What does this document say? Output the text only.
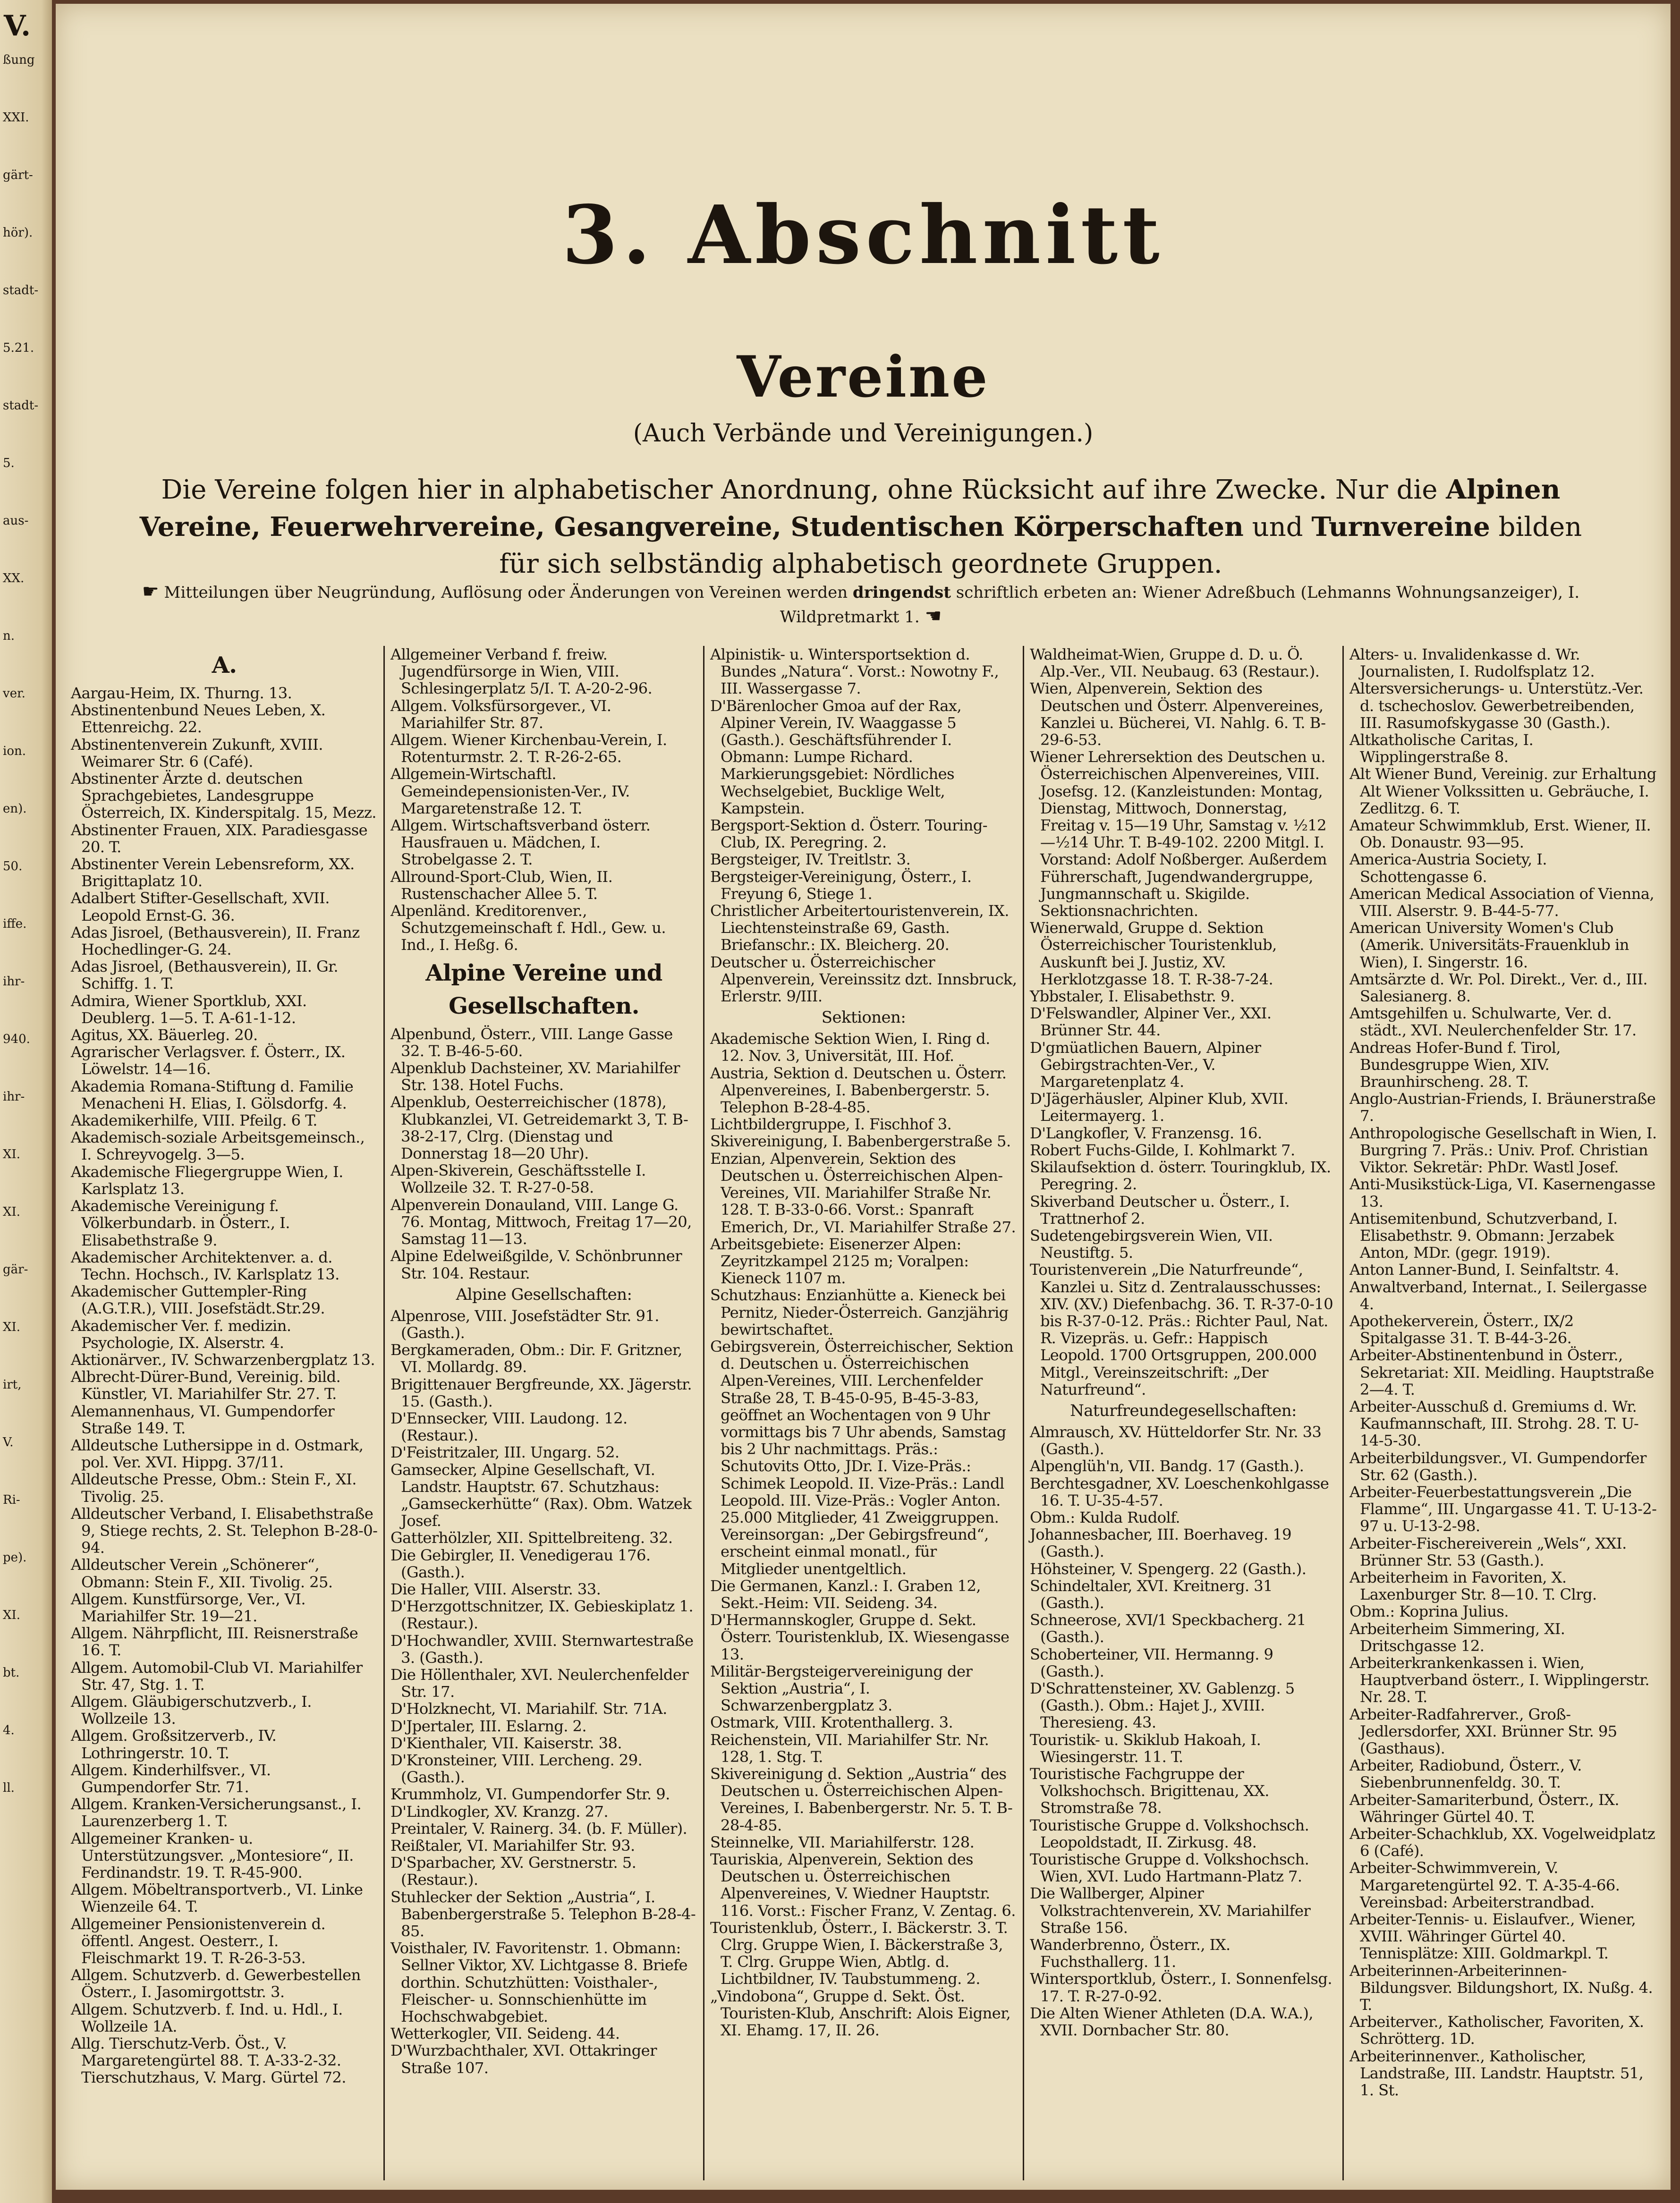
V.
ßung
XXI.
gärt-
hör).
stadt-
5.21.
stadt-
5.
aus-
XX.
n.
ver.
ion.
en).
50.
iffe.
ihr-
940.
ihr-
XI.
XI.
gär-
XI.
irt,
V.
Ri-
pe).
XI.
bt.
4.
ll.
3. Abschnitt
Vereine
(Auch Verbände und Vereinigungen.)
Die Vereine folgen hier in alphabetischer Anordnung, ohne Rücksicht auf ihre Zwecke. Nur die Alpinen Vereine, Feuerwehrvereine, Gesangvereine, Studentischen Körperschaften und Turnvereine bilden für sich selbständig alphabetisch geordnete Gruppen.
☛ Mitteilungen über Neugründung, Auflösung oder Änderungen von Vereinen werden dringendst schriftlich erbeten an: Wiener Adreßbuch (Lehmanns Wohnungsanzeiger), I. Wildpretmarkt 1. ☚

A.

Aargau-Heim, IX. Thurng. 13.

Abstinentenbund Neues Leben, X. Ettenreichg. 22.

Abstinentenverein Zukunft, XVIII. Weimarer Str. 6 (Café).

Abstinenter Ärzte d. deutschen Sprachgebietes, Landesgruppe Österreich, IX. Kinderspitalg. 15, Mezz.

Abstinenter Frauen, XIX. Paradiesgasse 20. T.

Abstinenter Verein Lebensreform, XX. Brigittaplatz 10.

Adalbert Stifter-Gesellschaft, XVII. Leopold Ernst-G. 36.

Adas Jisroel, (Bethausverein), II. Franz Hochedlinger-G. 24.

Adas Jisroel, (Bethausverein), II. Gr. Schiffg. 1. T.

Admira, Wiener Sportklub, XXI. Deublerg. 1—5. T. A-61-1-12.

Agitus, XX. Bäuerleg. 20.

Agrarischer Verlagsver. f. Österr., IX. Löwelstr. 14—16.

Akademia Romana-Stiftung d. Familie Menacheni H. Elias, I. Gölsdorfg. 4.

Akademikerhilfe, VIII. Pfeilg. 6 T.

Akademisch-soziale Arbeitsgemeinsch., I. Schreyvogelg. 3—5.

Akademische Fliegergruppe Wien, I. Karlsplatz 13.

Akademische Vereinigung f. Völkerbundarb. in Österr., I. Elisabethstraße 9.

Akademischer Architektenver. a. d. Techn. Hochsch., IV. Karlsplatz 13.

Akademischer Guttempler-Ring (A.G.T.R.), VIII. Josefstädt.Str.29.

Akademischer Ver. f. medizin. Psychologie, IX. Alserstr. 4.

Aktionärver., IV. Schwarzenbergplatz 13.

Albrecht-Dürer-Bund, Vereinig. bild. Künstler, VI. Mariahilfer Str. 27. T.

Alemannenhaus, VI. Gumpendorfer Straße 149. T.

Alldeutsche Luthersippe in d. Ostmark, pol. Ver. XVI. Hippg. 37/11.

Alldeutsche Presse, Obm.: Stein F., XI. Tivolig. 25.

Alldeutscher Verband, I. Elisabethstraße 9, Stiege rechts, 2. St. Telephon B-28-0-94.

Alldeutscher Verein „Schönerer“, Obmann: Stein F., XII. Tivolig. 25.

Allgem. Kunstfürsorge, Ver., VI. Mariahilfer Str. 19—21.

Allgem. Nährpflicht, III. Reisnerstraße 16. T.

Allgem. Automobil-Club VI. Mariahilfer Str. 47, Stg. 1. T.

Allgem. Gläubigerschutzverb., I. Wollzeile 13.

Allgem. Großsitzerverb., IV. Lothringerstr. 10. T.

Allgem. Kinderhilfsver., VI. Gumpendorfer Str. 71.

Allgem. Kranken-Versicherungsanst., I. Laurenzerberg 1. T.

Allgemeiner Kranken- u. Unterstützungsver. „Montesiore“, II. Ferdinandstr. 19. T. R-45-900.

Allgem. Möbeltransportverb., VI. Linke Wienzeile 64. T.

Allgemeiner Pensionistenverein d. öffentl. Angest. Oesterr., I. Fleischmarkt 19. T. R-26-3-53.

Allgem. Schutzverb. d. Gewerbestellen Österr., I. Jasomirgottstr. 3.

Allgem. Schutzverb. f. Ind. u. Hdl., I. Wollzeile 1A.

Allg. Tierschutz-Verb. Öst., V. Margaretengürtel 88. T. A-33-2-32. Tierschutzhaus, V. Marg. Gürtel 72.

Allgemeiner Verband f. freiw. Jugendfürsorge in Wien, VIII. Schlesingerplatz 5/I. T. A-20-2-96.

Allgem. Volksfürsorgever., VI. Mariahilfer Str. 87.

Allgem. Wiener Kirchenbau-Verein, I. Rotenturmstr. 2. T. R-26-2-65.

Allgemein-Wirtschaftl. Gemeindepensionisten-Ver., IV. Margaretenstraße 12. T.

Allgem. Wirtschaftsverband österr. Hausfrauen u. Mädchen, I. Strobelgasse 2. T.

Allround-Sport-Club, Wien, II. Rustenschacher Allee 5. T.

Alpenländ. Kreditorenver., Schutzgemeinschaft f. Hdl., Gew. u. Ind., I. Heßg. 6.

Alpine Vereine und Gesellschaften.

Alpenbund, Österr., VIII. Lange Gasse 32. T. B-46-5-60.

Alpenklub Dachsteiner, XV. Mariahilfer Str. 138. Hotel Fuchs.

Alpenklub, Oesterreichischer (1878), Klubkanzlei, VI. Getreidemarkt 3, T. B-38-2-17, Clrg. (Dienstag und Donnerstag 18—20 Uhr).

Alpen-Skiverein, Geschäftsstelle I. Wollzeile 32. T. R-27-0-58.

Alpenverein Donauland, VIII. Lange G. 76. Montag, Mittwoch, Freitag 17—20, Samstag 11—13.

Alpine Edelweißgilde, V. Schönbrunner Str. 104. Restaur.

Alpine Gesellschaften:

Alpenrose, VIII. Josefstädter Str. 91. (Gasth.).

Bergkameraden, Obm.: Dir. F. Gritzner, VI. Mollardg. 89.

Brigittenauer Bergfreunde, XX. Jägerstr. 15. (Gasth.).

D'Ennsecker, VIII. Laudong. 12. (Restaur.).

D'Feistritzaler, III. Ungarg. 52.

Gamsecker, Alpine Gesellschaft, VI. Landstr. Hauptstr. 67. Schutzhaus: „Gamseckerhütte“ (Rax). Obm. Watzek Josef.

Gatterhölzler, XII. Spittelbreiteng. 32.

Die Gebirgler, II. Venedigerau 176. (Gasth.).

Die Haller, VIII. Alserstr. 33.

D'Herzgottschnitzer, IX. Gebieskiplatz 1. (Restaur.).

D'Hochwandler, XVIII. Sternwartestraße 3. (Gasth.).

Die Höllenthaler, XVI. Neulerchenfelder Str. 17.

D'Holzknecht, VI. Mariahilf. Str. 71A.

D'Jpertaler, III. Eslarng. 2.

D'Kienthaler, VII. Kaiserstr. 38.

D'Kronsteiner, VIII. Lercheng. 29. (Gasth.).

Krummholz, VI. Gumpendorfer Str. 9.

D'Lindkogler, XV. Kranzg. 27.

Preintaler, V. Rainerg. 34. (b. F. Müller).

Reißtaler, VI. Mariahilfer Str. 93.

D'Sparbacher, XV. Gerstnerstr. 5. (Restaur.).

Stuhlecker der Sektion „Austria“, I. Babenbergerstraße 5. Telephon B-28-4-85.

Voisthaler, IV. Favoritenstr. 1. Obmann: Sellner Viktor, XV. Lichtgasse 8. Briefe dorthin. Schutzhütten: Voisthaler-, Fleischer- u. Sonnschienhütte im Hochschwabgebiet.

Wetterkogler, VII. Seideng. 44.

D'Wurzbachthaler, XVI. Ottakringer Straße 107.

Alpinistik- u. Wintersportsektion d. Bundes „Natura“. Vorst.: Nowotny F., III. Wassergasse 7.

D'Bärenlocher Gmoa auf der Rax, Alpiner Verein, IV. Waaggasse 5 (Gasth.). Geschäftsführender I. Obmann: Lumpe Richard. Markierungsgebiet: Nördliches Wechselgebiet, Bucklige Welt, Kampstein.

Bergsport-Sektion d. Österr. Touring-Club, IX. Peregring. 2.

Bergsteiger, IV. Treitlstr. 3.

Bergsteiger-Vereinigung, Österr., I. Freyung 6, Stiege 1.

Christlicher Arbeitertouristenverein, IX. Liechtensteinstraße 69, Gasth. Briefanschr.: IX. Bleicherg. 20.

Deutscher u. Österreichischer Alpenverein, Vereinssitz dzt. Innsbruck, Erlerstr. 9/III.

Sektionen:

Akademische Sektion Wien, I. Ring d. 12. Nov. 3, Universität, III. Hof.

Austria, Sektion d. Deutschen u. Österr. Alpenvereines, I. Babenbergerstr. 5. Telephon B-28-4-85.

Lichtbildergruppe, I. Fischhof 3.

Skivereinigung, I. Babenbergerstraße 5.

Enzian, Alpenverein, Sektion des Deutschen u. Österreichischen Alpen-Vereines, VII. Mariahilfer Straße Nr. 128. T. B-33-0-66. Vorst.: Spanraft Emerich, Dr., VI. Mariahilfer Straße 27.

Arbeitsgebiete: Eisenerzer Alpen: Zeyritzkampel 2125 m; Voralpen: Kieneck 1107 m.

Schutzhaus: Enzianhütte a. Kieneck bei Pernitz, Nieder-Österreich. Ganzjährig bewirtschaftet.

Gebirgsverein, Österreichischer, Sektion d. Deutschen u. Österreichischen Alpen-Vereines, VIII. Lerchenfelder Straße 28, T. B-45-0-95, B-45-3-83, geöffnet an Wochentagen von 9 Uhr vormittags bis 7 Uhr abends, Samstag bis 2 Uhr nachmittags. Präs.: Schutovits Otto, JDr. I. Vize-Präs.: Schimek Leopold. II. Vize-Präs.: Landl Leopold. III. Vize-Präs.: Vogler Anton. 25.000 Mitglieder, 41 Zweiggruppen. Vereinsorgan: „Der Gebirgsfreund“, erscheint einmal monatl., für Mitglieder unentgeltlich.

Die Germanen, Kanzl.: I. Graben 12, Sekt.-Heim: VII. Seideng. 34.

D'Hermannskogler, Gruppe d. Sekt. Österr. Touristenklub, IX. Wiesengasse 13.

Militär-Bergsteigervereinigung der Sektion „Austria“, I. Schwarzenbergplatz 3.

Ostmark, VIII. Krotenthallerg. 3.

Reichenstein, VII. Mariahilfer Str. Nr. 128, 1. Stg. T.

Skivereinigung d. Sektion „Austria“ des Deutschen u. Österreichischen Alpen-Vereines, I. Babenbergerstr. Nr. 5. T. B-28-4-85.

Steinnelke, VII. Mariahilferstr. 128.

Tauriskia, Alpenverein, Sektion des Deutschen u. Österreichischen Alpenvereines, V. Wiedner Hauptstr. 116. Vorst.: Fischer Franz, V. Zentag. 6.

Touristenklub, Österr., I. Bäckerstr. 3. T. Clrg. Gruppe Wien, I. Bäckerstraße 3, T. Clrg. Gruppe Wien, Abtlg. d. Lichtbildner, IV. Taubstummeng. 2.

„Vindobona“, Gruppe d. Sekt. Öst. Touristen-Klub, Anschrift: Alois Eigner, XI. Ehamg. 17, II. 26.

Waldheimat-Wien, Gruppe d. D. u. Ö. Alp.-Ver., VII. Neubaug. 63 (Restaur.).

Wien, Alpenverein, Sektion des Deutschen und Österr. Alpenvereines, Kanzlei u. Bücherei, VI. Nahlg. 6. T. B-29-6-53.

Wiener Lehrersektion des Deutschen u. Österreichischen Alpenvereines, VIII. Josefsg. 12. (Kanzleistunden: Montag, Dienstag, Mittwoch, Donnerstag, Freitag v. 15—19 Uhr, Samstag v. ½12—½14 Uhr. T. B-49-102. 2200 Mitgl. I. Vorstand: Adolf Noßberger. Außerdem Führerschaft, Jugendwandergruppe, Jungmannschaft u. Skigilde. Sektionsnachrichten.

Wienerwald, Gruppe d. Sektion Österreichischer Touristenklub, Auskunft bei J. Justiz, XV. Herklotzgasse 18. T. R-38-7-24.

Ybbstaler, I. Elisabethstr. 9.

D'Felswandler, Alpiner Ver., XXI. Brünner Str. 44.

D'gmüatlichen Bauern, Alpiner Gebirgstrachten-Ver., V. Margaretenplatz 4.

D'Jägerhäusler, Alpiner Klub, XVII. Leitermayerg. 1.

D'Langkofler, V. Franzensg. 16.

Robert Fuchs-Gilde, I. Kohlmarkt 7.

Skilaufsektion d. österr. Touringklub, IX. Peregring. 2.

Skiverband Deutscher u. Österr., I. Trattnerhof 2.

Sudetengebirgsverein Wien, VII. Neustiftg. 5.

Touristenverein „Die Naturfreunde“, Kanzlei u. Sitz d. Zentralausschusses: XIV. (XV.) Diefenbachg. 36. T. R-37-0-10 bis R-37-0-12. Präs.: Richter Paul, Nat. R. Vizepräs. u. Gefr.: Happisch Leopold. 1700 Ortsgruppen, 200.000 Mitgl., Vereinszeitschrift: „Der Naturfreund“.

Naturfreundegesellschaften:

Almrausch, XV. Hütteldorfer Str. Nr. 33 (Gasth.).

Alpenglüh'n, VII. Bandg. 17 (Gasth.).

Berchtesgadner, XV. Loeschenkohlgasse 16. T. U-35-4-57.

Obm.: Kulda Rudolf.

Johannesbacher, III. Boerhaveg. 19 (Gasth.).

Höhsteiner, V. Spengerg. 22 (Gasth.).

Schindeltaler, XVI. Kreitnerg. 31 (Gasth.).

Schneerose, XVI/1 Speckbacherg. 21 (Gasth.).

Schoberteiner, VII. Hermanng. 9 (Gasth.).

D'Schrattensteiner, XV. Gablenzg. 5 (Gasth.). Obm.: Hajet J., XVIII. Theresieng. 43.

Touristik- u. Skiklub Hakoah, I. Wiesingerstr. 11. T.

Touristische Fachgruppe der Volkshochsch. Brigittenau, XX. Stromstraße 78.

Touristische Gruppe d. Volkshochsch. Leopoldstadt, II. Zirkusg. 48.

Touristische Gruppe d. Volkshochsch. Wien, XVI. Ludo Hartmann-Platz 7.

Die Wallberger, Alpiner Volkstrachtenverein, XV. Mariahilfer Straße 156.

Wanderbrenno, Österr., IX. Fuchsthallerg. 11.

Wintersportklub, Österr., I. Sonnenfelsg. 17. T. R-27-0-92.

Die Alten Wiener Athleten (D.A. W.A.), XVII. Dornbacher Str. 80.

Alters- u. Invalidenkasse d. Wr. Journalisten, I. Rudolfsplatz 12.

Altersversicherungs- u. Unterstütz.-Ver. d. tschechoslov. Gewerbetreibenden, III. Rasumofskygasse 30 (Gasth.).

Altkatholische Caritas, I. Wipplingerstraße 8.

Alt Wiener Bund, Vereinig. zur Erhaltung Alt Wiener Volkssitten u. Gebräuche, I. Zedlitzg. 6. T.

Amateur Schwimmklub, Erst. Wiener, II. Ob. Donaustr. 93—95.

America-Austria Society, I. Schottengasse 6.

American Medical Association of Vienna, VIII. Alserstr. 9. B-44-5-77.

American University Women's Club (Amerik. Universitäts-Frauenklub in Wien), I. Singerstr. 16.

Amtsärzte d. Wr. Pol. Direkt., Ver. d., III. Salesianerg. 8.

Amtsgehilfen u. Schulwarte, Ver. d. städt., XVI. Neulerchenfelder Str. 17.

Andreas Hofer-Bund f. Tirol, Bundesgruppe Wien, XIV. Braunhirscheng. 28. T.

Anglo-Austrian-Friends, I. Bräunerstraße 7.

Anthropologische Gesellschaft in Wien, I. Burgring 7. Präs.: Univ. Prof. Christian Viktor. Sekretär: PhDr. Wastl Josef.

Anti-Musikstück-Liga, VI. Kasernengasse 13.

Antisemitenbund, Schutzverband, I. Elisabethstr. 9. Obmann: Jerzabek Anton, MDr. (gegr. 1919).

Anton Lanner-Bund, I. Seinfaltstr. 4.

Anwaltverband, Internat., I. Seilergasse 4.

Apothekerverein, Österr., IX/2 Spitalgasse 31. T. B-44-3-26.

Arbeiter-Abstinentenbund in Österr., Sekretariat: XII. Meidling. Hauptstraße 2—4. T.

Arbeiter-Ausschuß d. Gremiums d. Wr. Kaufmannschaft, III. Strohg. 28. T. U-14-5-30.

Arbeiterbildungsver., VI. Gumpendorfer Str. 62 (Gasth.).

Arbeiter-Feuerbestattungsverein „Die Flamme“, III. Ungargasse 41. T. U-13-2-97 u. U-13-2-98.

Arbeiter-Fischereiverein „Wels“, XXI. Brünner Str. 53 (Gasth.).

Arbeiterheim in Favoriten, X. Laxenburger Str. 8—10. T. Clrg.

Obm.: Koprina Julius.

Arbeiterheim Simmering, XI. Dritschgasse 12.

Arbeiterkrankenkassen i. Wien, Hauptverband österr., I. Wipplingerstr. Nr. 28. T.

Arbeiter-Radfahrerver., Groß-Jedlersdorfer, XXI. Brünner Str. 95 (Gasthaus).

Arbeiter, Radiobund, Österr., V. Siebenbrunnenfeldg. 30. T.

Arbeiter-Samariterbund, Österr., IX. Währinger Gürtel 40. T.

Arbeiter-Schachklub, XX. Vogelweidplatz 6 (Café).

Arbeiter-Schwimmverein, V. Margaretengürtel 92. T. A-35-4-66. Vereinsbad: Arbeiterstrandbad.

Arbeiter-Tennis- u. Eislaufver., Wiener, XVIII. Währinger Gürtel 40. Tennisplätze: XIII. Goldmarkpl. T.

Arbeiterinnen-Arbeiterinnen-Bildungsver. Bildungshort, IX. Nußg. 4. T.

Arbeiterver., Katholischer, Favoriten, X. Schrötterg. 1D.

Arbeiterinnenver., Katholischer, Landstraße, III. Landstr. Hauptstr. 51, 1. St.
